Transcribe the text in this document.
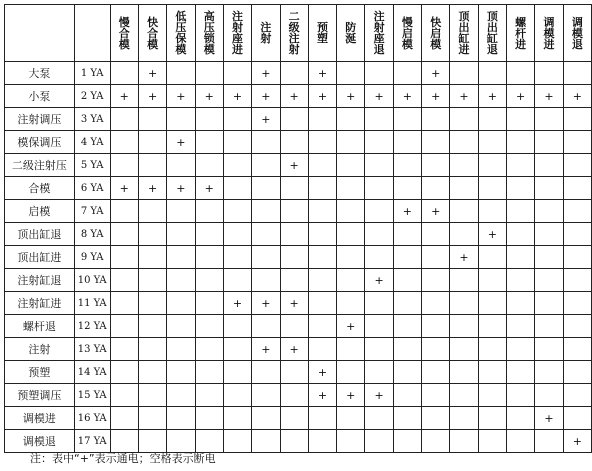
		慢合模	快合模	低压保模	高压锁模	注射座进	注射	二级注射	预塑	防涎	注射座退	慢启模	快启模	顶出缸进	顶出缸退	螺杆进	调模进	调模退
大泵	1 YA		+				+		+				+					
小泵	2 YA	+	+	+	+	+	+	+	+	+	+	+	+	+	+	+	+	+
注射调压	3 YA						+											
模保调压	4 YA			+														
二级注射压	5 YA							+										
合模	6 YA	+	+	+	+													
启模	7 YA											+	+					
顶出缸退	8 YA														+			
顶出缸进	9 YA													+				
注射缸退	10 YA										+							
注射缸进	11 YA					+	+	+										
螺杆退	12 YA									+								
注射	13 YA						+	+										
预塑	14 YA								+									
预塑调压	15 YA								+	+	+							
调模进	16 YA																+	
调模退	17 YA																	+
注：表中“+”表示通电；空格表示断电
